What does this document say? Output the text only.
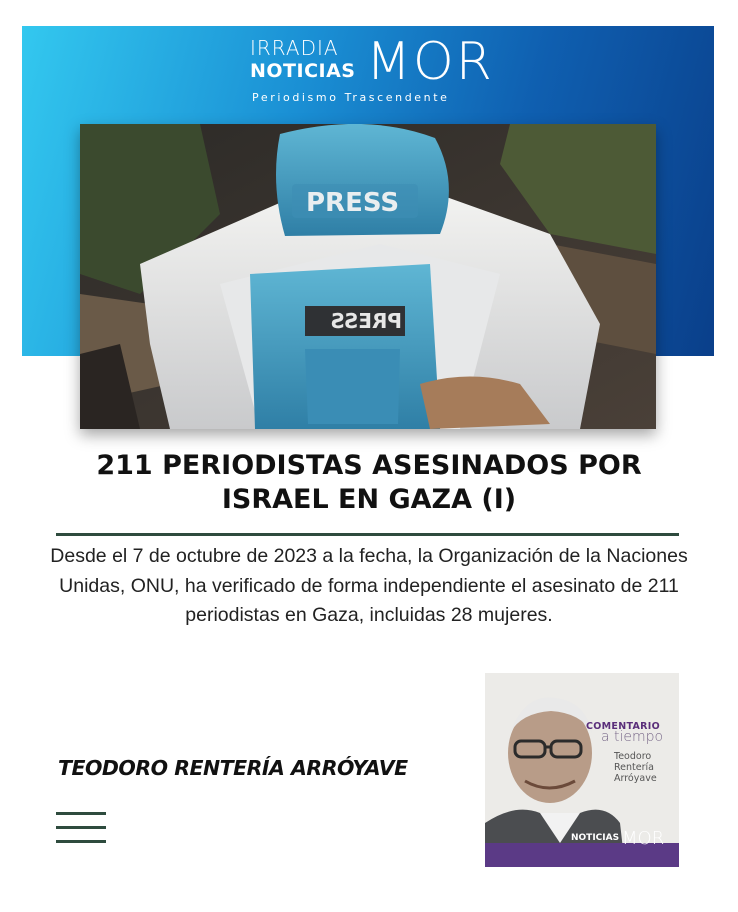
IRRADIA
NOTICIAS MOR
Periodismo Trascendente
PRESS
PRESS
211 PERIODISTAS ASESINADOS POR ISRAEL EN GAZA (I)

Desde el 7 de octubre de 2023 a la fecha, la Organización de la Naciones Unidas, ONU, ha verificado de forma independiente el asesinato de 211 periodistas en Gaza, incluidas 28 mujeres.

TEODORO RENTERÍA ARRÓYAVE
COMENTARIO
a tiempo
Teodoro
Rentería
Arróyave
NOTICIAS MOR
